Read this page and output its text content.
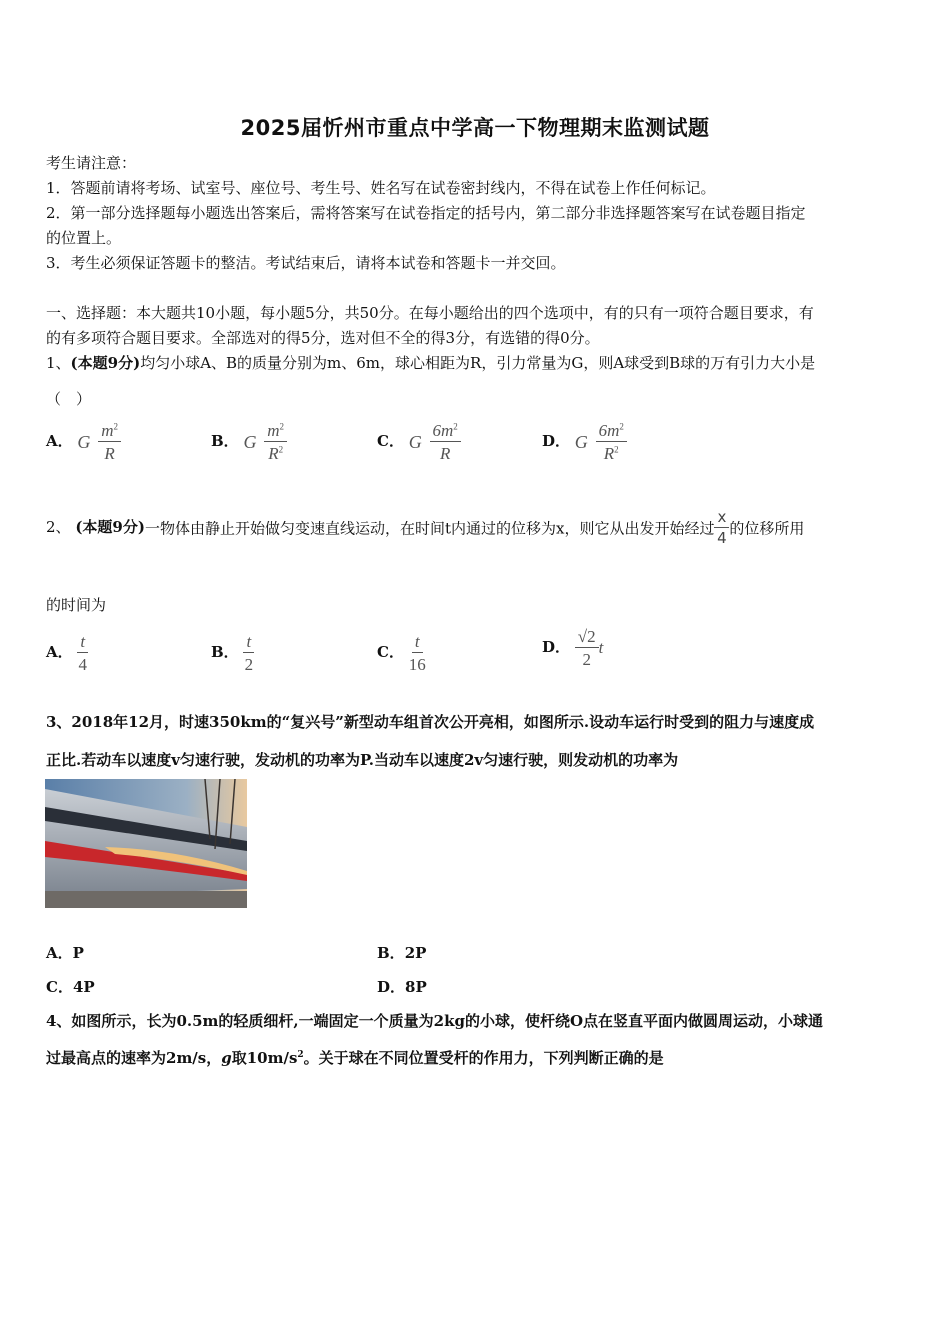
2025届忻州市重点中学高一下物理期末监测试题
考生请注意：
1．答题前请将考场、试室号、座位号、考生号、姓名写在试卷密封线内，不得在试卷上作任何标记。
2．第一部分选择题每小题选出答案后，需将答案写在试卷指定的括号内，第二部分非选择题答案写在试卷题目指定
的位置上。
3．考生必须保证答题卡的整洁。考试结束后，请将本试卷和答题卡一并交回。
一、选择题：本大题共10小题，每小题5分，共50分。在每小题给出的四个选项中，有的只有一项符合题目要求，有
的有多项符合题目要求。全部选对的得5分，选对但不全的得3分，有选错的得0分。
1、(本题9分)均匀小球A、B的质量分别为m、6m，球心相距为R，引力常量为G，则A球受到B球的万有引力大小是
（　）
A． G $\frac{m^2}{R}$	B． G $\frac{m^2}{R^2}$	C． G $\frac{6m^2}{R}$	D． G $\frac{6m^2}{R^2}$
2、 (本题9分)一物体由静止开始做匀变速直线运动，在时间t内通过的位移为x，则它从出发开始经过 $\frac{x}{4}$ 的位移所用
的时间为
A． $\frac{t}{4}$	B． $\frac{t}{2}$	C． $\frac{t}{16}$	D． $\frac{√2}{2}$ t
3、2018年12月，时速350km的“复兴号”新型动车组首次公开亮相，如图所示.设动车运行时受到的阻力与速度成
正比.若动车以速度v匀速行驶，发动机的功率为P.当动车以速度2v匀速行驶，则发动机的功率为
A．P	B．2P
C．4P	D．8P
4、如图所示，长为0.5m的轻质细杆,一端固定一个质量为2kg的小球，使杆绕O点在竖直平面内做圆周运动，小球通
过最高点的速率为2m/s，g取$10m/s^2$。关于球在不同位置受杆的作用力，下列判断正确的是
